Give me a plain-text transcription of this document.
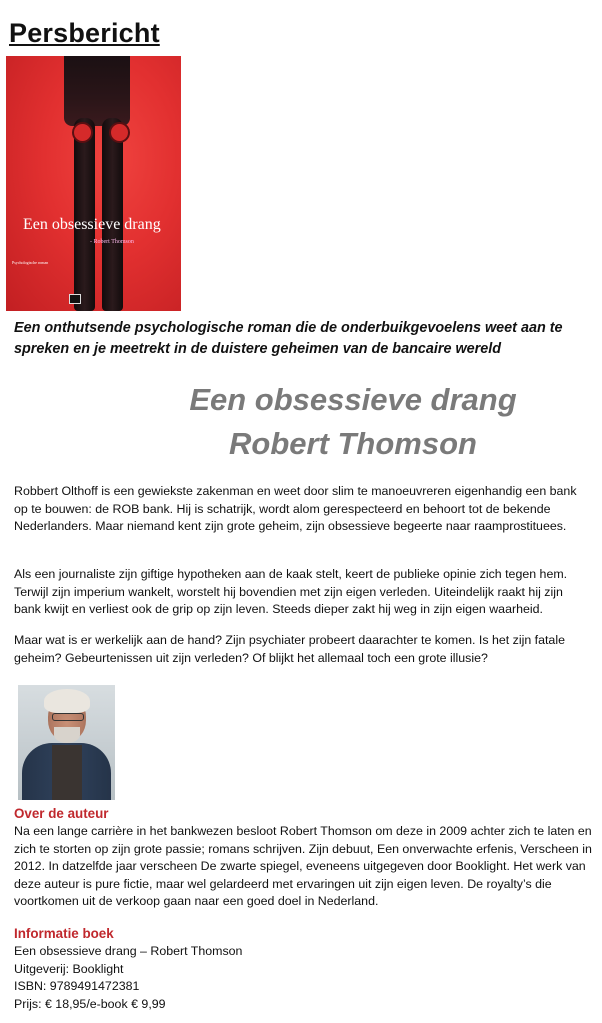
Persbericht
Een obsessieve drang
- Robert Thomson
Psychologische roman

Een onthutsende psychologische roman die de onderbuikgevoelens weet aan te spreken en je meetrekt in de duistere geheimen van de bancaire wereld

Een obsessieve drang
Robert Thomson

Robbert Olthoff is een gewiekste zakenman en weet door slim te manoeuvreren eigenhandig een bank op te bouwen: de ROB bank. Hij is schatrijk, wordt alom gerespecteerd en behoort tot de bekende Nederlanders. Maar niemand kent zijn grote geheim, zijn obsessieve begeerte naar raamprostituees.

Als een journaliste zijn giftige hypotheken aan de kaak stelt, keert de publieke opinie zich tegen hem. Terwijl zijn imperium wankelt, worstelt hij bovendien met zijn eigen verleden. Uiteindelijk raakt hij zijn bank kwijt en verliest ook de grip op zijn leven. Steeds dieper zakt hij weg in zijn eigen waarheid.

Maar wat is er werkelijk aan de hand? Zijn psychiater probeert daarachter te komen. Is het zijn fatale geheim? Gebeurtenissen uit zijn verleden? Of blijkt het allemaal toch een grote illusie?

Over de auteur

Na een lange carrière in het bankwezen besloot Robert Thomson om deze in 2009 achter zich te laten en zich te storten op zijn grote passie; romans schrijven. Zijn debuut, Een onverwachte erfenis, Verscheen in 2012. In datzelfde jaar verscheen De zwarte spiegel, eveneens uitgegeven door Booklight. Het werk van deze auteur is pure fictie, maar wel gelardeerd met ervaringen uit zijn eigen leven. De royalty’s die voortkomen uit de verkoop gaan naar een goed doel in Nederland.

Informatie boek
Een obsessieve drang – Robert Thomson
Uitgeverij: Booklight
ISBN: 9789491472381
Prijs: € 18,95/e-book € 9,99
